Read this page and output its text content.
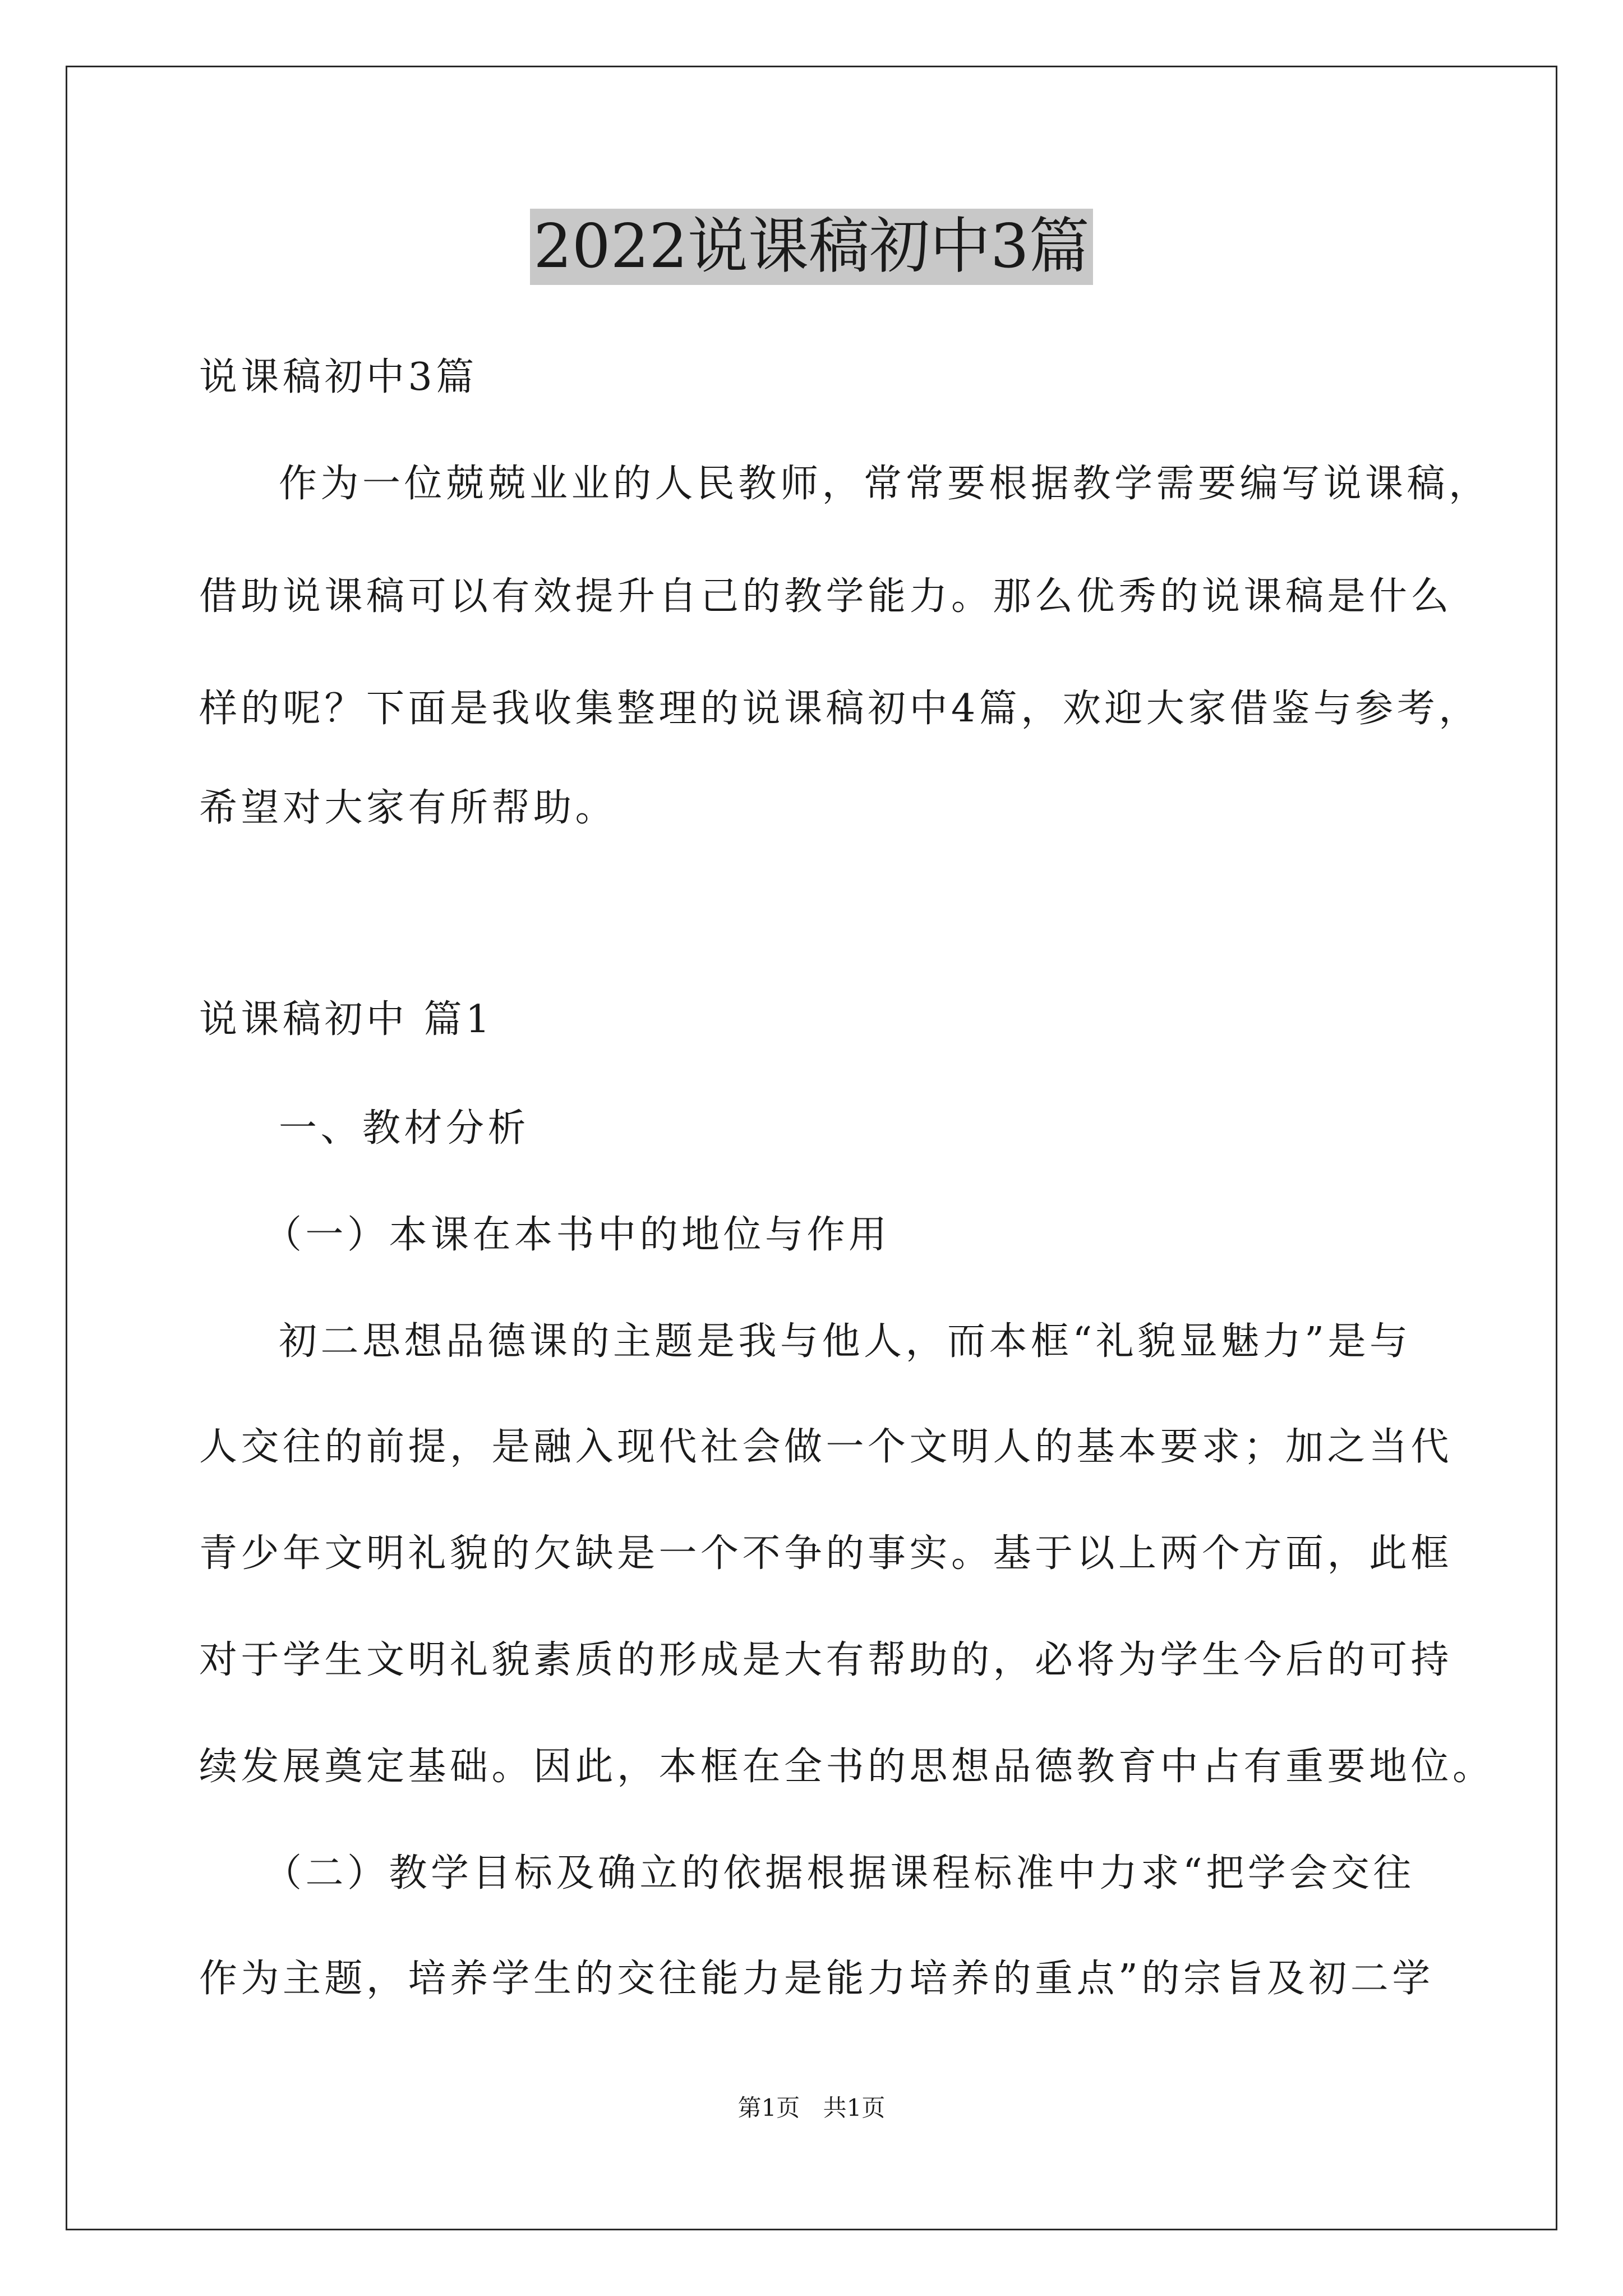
2022说课稿初中3篇
说课稿初中3篇
作为一位兢兢业业的人民教师，常常要根据教学需要编写说课稿，
借助说课稿可以有效提升自己的教学能力。那么优秀的说课稿是什么
样的呢？下面是我收集整理的说课稿初中4篇，欢迎大家借鉴与参考，
希望对大家有所帮助。
说课稿初中 篇1
一、教材分析
（一）本课在本书中的地位与作用
初二思想品德课的主题是我与他人，而本框“礼貌显魅力”是与
人交往的前提，是融入现代社会做一个文明人的基本要求；加之当代
青少年文明礼貌的欠缺是一个不争的事实。基于以上两个方面，此框
对于学生文明礼貌素质的形成是大有帮助的，必将为学生今后的可持
续发展奠定基础。因此，本框在全书的思想品德教育中占有重要地位。
（二）教学目标及确立的依据根据课程标准中力求“把学会交往
作为主题，培养学生的交往能力是能力培养的重点”的宗旨及初二学
第1页 共1页
